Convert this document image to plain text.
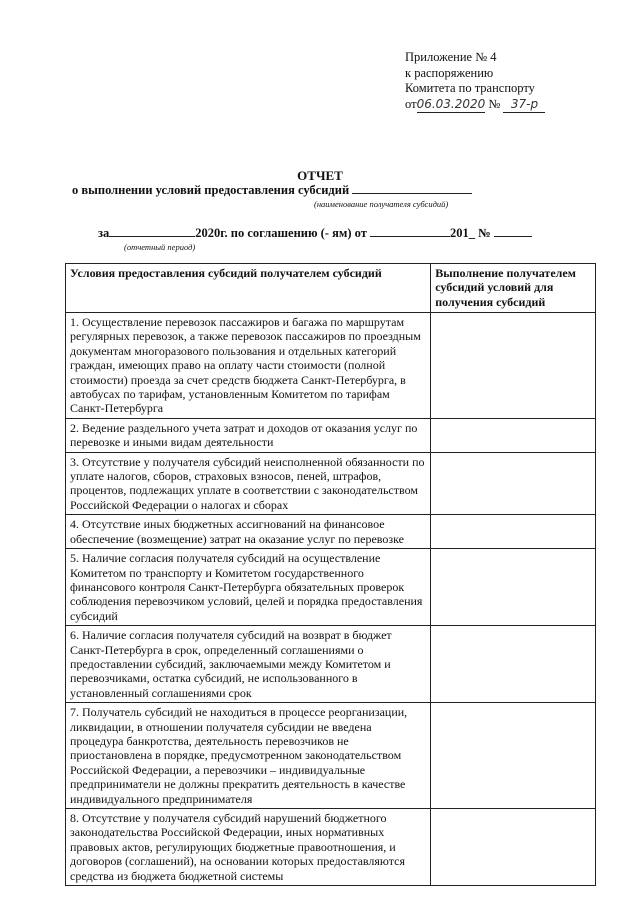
Приложение № 4
к распоряжению
Комитета по транспорту
от06.03.2020 № 37-р
ОТЧЕТ
о выполнении условий предоставления субсидий
(наименование получателя субсидий)
за	2020г. по соглашению (- ям) от	201_ №
(отчетный период)
Условия предоставления субсидий получателем субсидий	Выполнение получателем субсидий условий для получения субсидий
1. Осуществление перевозок пассажиров и багажа по маршрутам регулярных перевозок, а также перевозок пассажиров по проездным документам многоразового пользования и отдельных категорий граждан, имеющих право на оплату части стоимости (полной стоимости) проезда за счет средств бюджета Санкт-Петербурга, в автобусах по тарифам, установленным Комитетом по тарифам Санкт-Петербурга	
2. Ведение раздельного учета затрат и доходов от оказания услуг по перевозке и иными видам деятельности	
3. Отсутствие у получателя субсидий неисполненной обязанности по уплате налогов, сборов, страховых взносов, пеней, штрафов, процентов, подлежащих уплате в соответствии с законодательством Российской Федерации о налогах и сборах	
4. Отсутствие иных бюджетных ассигнований на финансовое обеспечение (возмещение) затрат на оказание услуг по перевозке	
5. Наличие согласия получателя субсидий на осуществление Комитетом по транспорту и Комитетом государственного финансового контроля Санкт-Петербурга обязательных проверок соблюдения перевозчиком условий, целей и порядка предоставления субсидий	
6. Наличие согласия получателя субсидий на возврат в бюджет Санкт-Петербурга в срок, определенный соглашениями о предоставлении субсидий, заключаемыми между Комитетом и перевозчиками, остатка субсидий, не использованного в установленный соглашениями срок	
7. Получатель субсидий не находиться в процессе реорганизации, ликвидации, в отношении получателя субсидии не введена процедура банкротства, деятельность перевозчиков не приостановлена в порядке, предусмотренном законодательством Российской Федерации, а перевозчики – индивидуальные предприниматели не должны прекратить деятельность в качестве индивидуального предпринимателя	
8. Отсутствие у получателя субсидий нарушений бюджетного законодательства Российской Федерации, иных нормативных правовых актов, регулирующих бюджетные правоотношения, и договоров (соглашений), на основании которых предоставляются средства из бюджета бюджетной системы	
